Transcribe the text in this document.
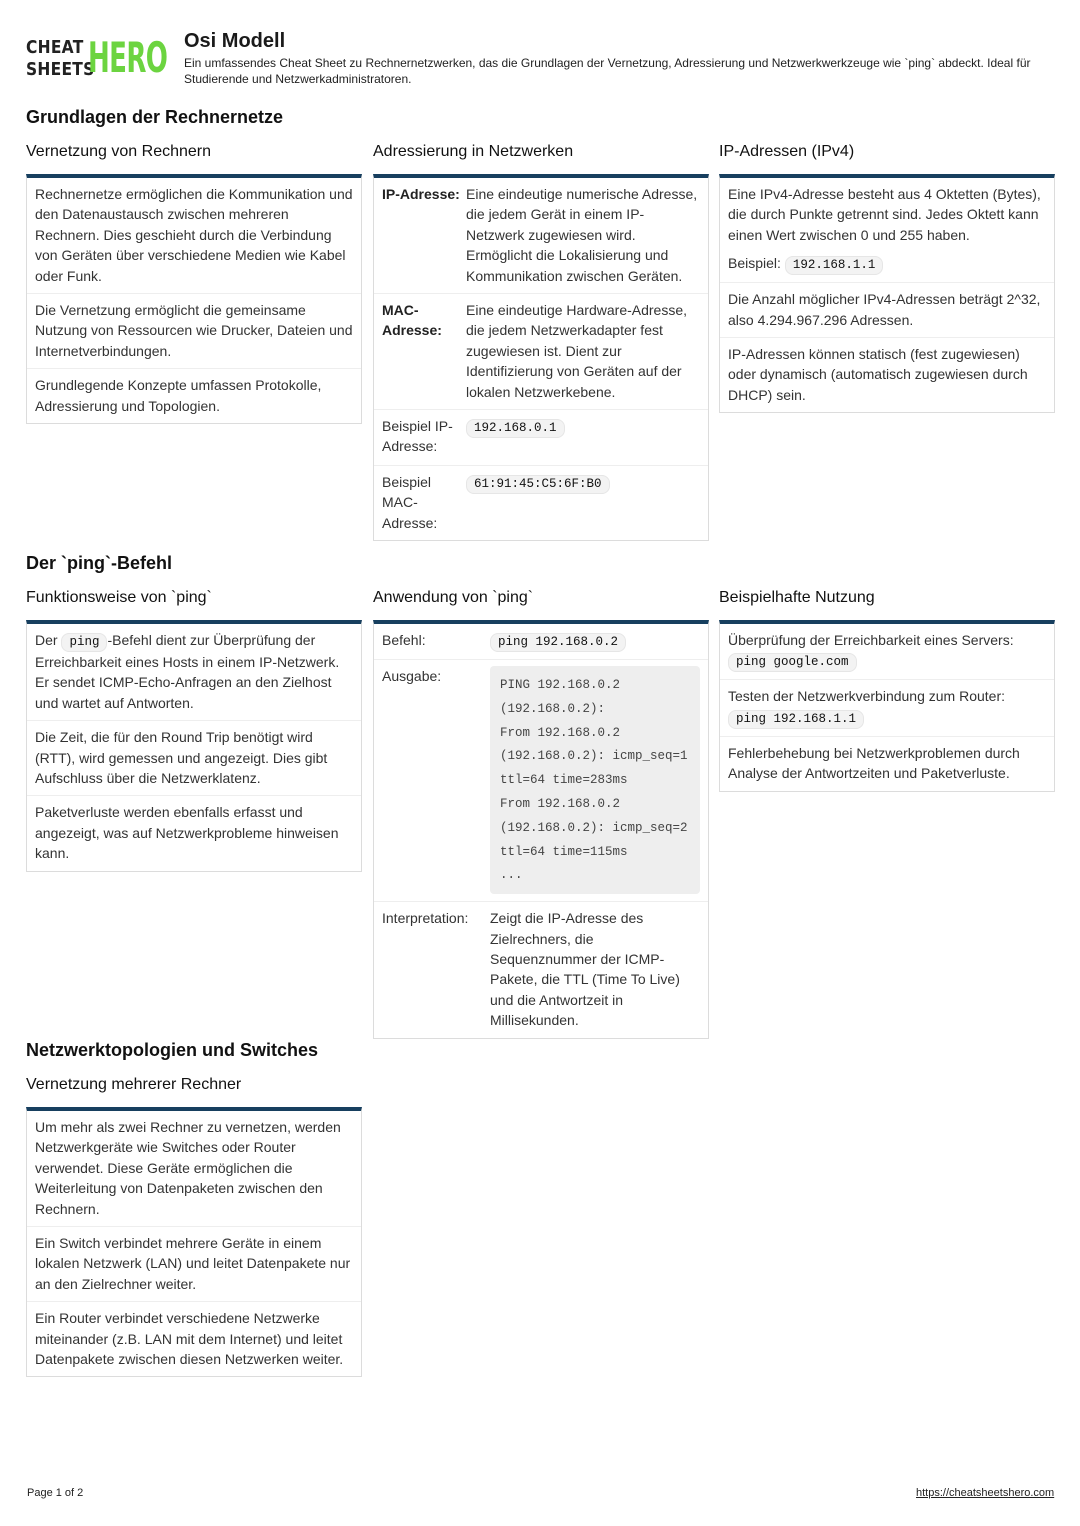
CHEAT
SHEETS
HERO Osi Modell
Ein umfassendes Cheat Sheet zu Rechnernetzwerken, das die Grundlagen der Vernetzung, Adressierung und Netzwerkwerkzeuge wie `ping` abdeckt. Ideal für Studierende und Netzwerkadministratoren.
Grundlagen der Rechnernetze
Vernetzung von Rechnern
Rechnernetze ermöglichen die Kommunikation und den Datenaustausch zwischen mehreren Rechnern. Dies geschieht durch die Verbindung von Geräten über verschiedene Medien wie Kabel oder Funk.
Die Vernetzung ermöglicht die gemeinsame Nutzung von Ressourcen wie Drucker, Dateien und Internetverbindungen.
Grundlegende Konzepte umfassen Protokolle, Adressierung und Topologien.
Adressierung in Netzwerken
IP-Adresse: Eine eindeutige numerische Adresse, die jedem Gerät in einem IP-Netzwerk zugewiesen wird. Ermöglicht die Lokalisierung und Kommunikation zwischen Geräten.
MAC-Adresse:
Eine eindeutige Hardware-Adresse, die jedem Netzwerkadapter fest zugewiesen ist. Dient zur Identifizierung von Geräten auf der lokalen Netzwerkebene.
Beispiel IP-Adresse:
192.168.0.1
Beispiel MAC-Adresse:
61:91:45:C5:6F:B0
IP-Adressen (IPv4)
Eine IPv4-Adresse besteht aus 4 Oktetten (Bytes), die durch Punkte getrennt sind. Jedes Oktett kann einen Wert zwischen 0 und 255 haben.
Beispiel: 192.168.1.1
Die Anzahl möglicher IPv4-Adressen beträgt 2^32, also 4.294.967.296 Adressen.
IP-Adressen können statisch (fest zugewiesen) oder dynamisch (automatisch zugewiesen durch DHCP) sein.
Der `ping`-Befehl
Funktionsweise von `ping`
Der ping -Befehl dient zur Überprüfung der Erreichbarkeit eines Hosts in einem IP-Netzwerk. Er sendet ICMP-Echo-Anfragen an den Zielhost und wartet auf Antworten.
Die Zeit, die für den Round Trip benötigt wird (RTT), wird gemessen und angezeigt. Dies gibt Aufschluss über die Netzwerklatenz.
Paketverluste werden ebenfalls erfasst und angezeigt, was auf Netzwerkprobleme hinweisen kann.
Anwendung von `ping`
Befehl:	ping 192.168.0.2
Ausgabe:
PING 192.168.0.2
(192.168.0.2):
From 192.168.0.2
(192.168.0.2): icmp_seq=1
ttl=64 time=283ms
From 192.168.0.2
(192.168.0.2): icmp_seq=2
ttl=64 time=115ms
...
Interpretation:	Zeigt die IP-Adresse des Zielrechners, die Sequenznummer der ICMP-Pakete, die TTL (Time To Live) und die Antwortzeit in Millisekunden.
Beispielhafte Nutzung
Überprüfung der Erreichbarkeit eines Servers:
ping google.com
Testen der Netzwerkverbindung zum Router:
ping 192.168.1.1
Fehlerbehebung bei Netzwerkproblemen durch Analyse der Antwortzeiten und Paketverluste.
Netzwerktopologien und Switches
Vernetzung mehrerer Rechner
Um mehr als zwei Rechner zu vernetzen, werden Netzwerkgeräte wie Switches oder Router verwendet. Diese Geräte ermöglichen die Weiterleitung von Datenpaketen zwischen den Rechnern.
Ein Switch verbindet mehrere Geräte in einem lokalen Netzwerk (LAN) und leitet Datenpakete nur an den Zielrechner weiter.
Ein Router verbindet verschiedene Netzwerke miteinander (z.B. LAN mit dem Internet) und leitet Datenpakete zwischen diesen Netzwerken weiter.
Page 1 of 2	https://cheatsheetshero.com
